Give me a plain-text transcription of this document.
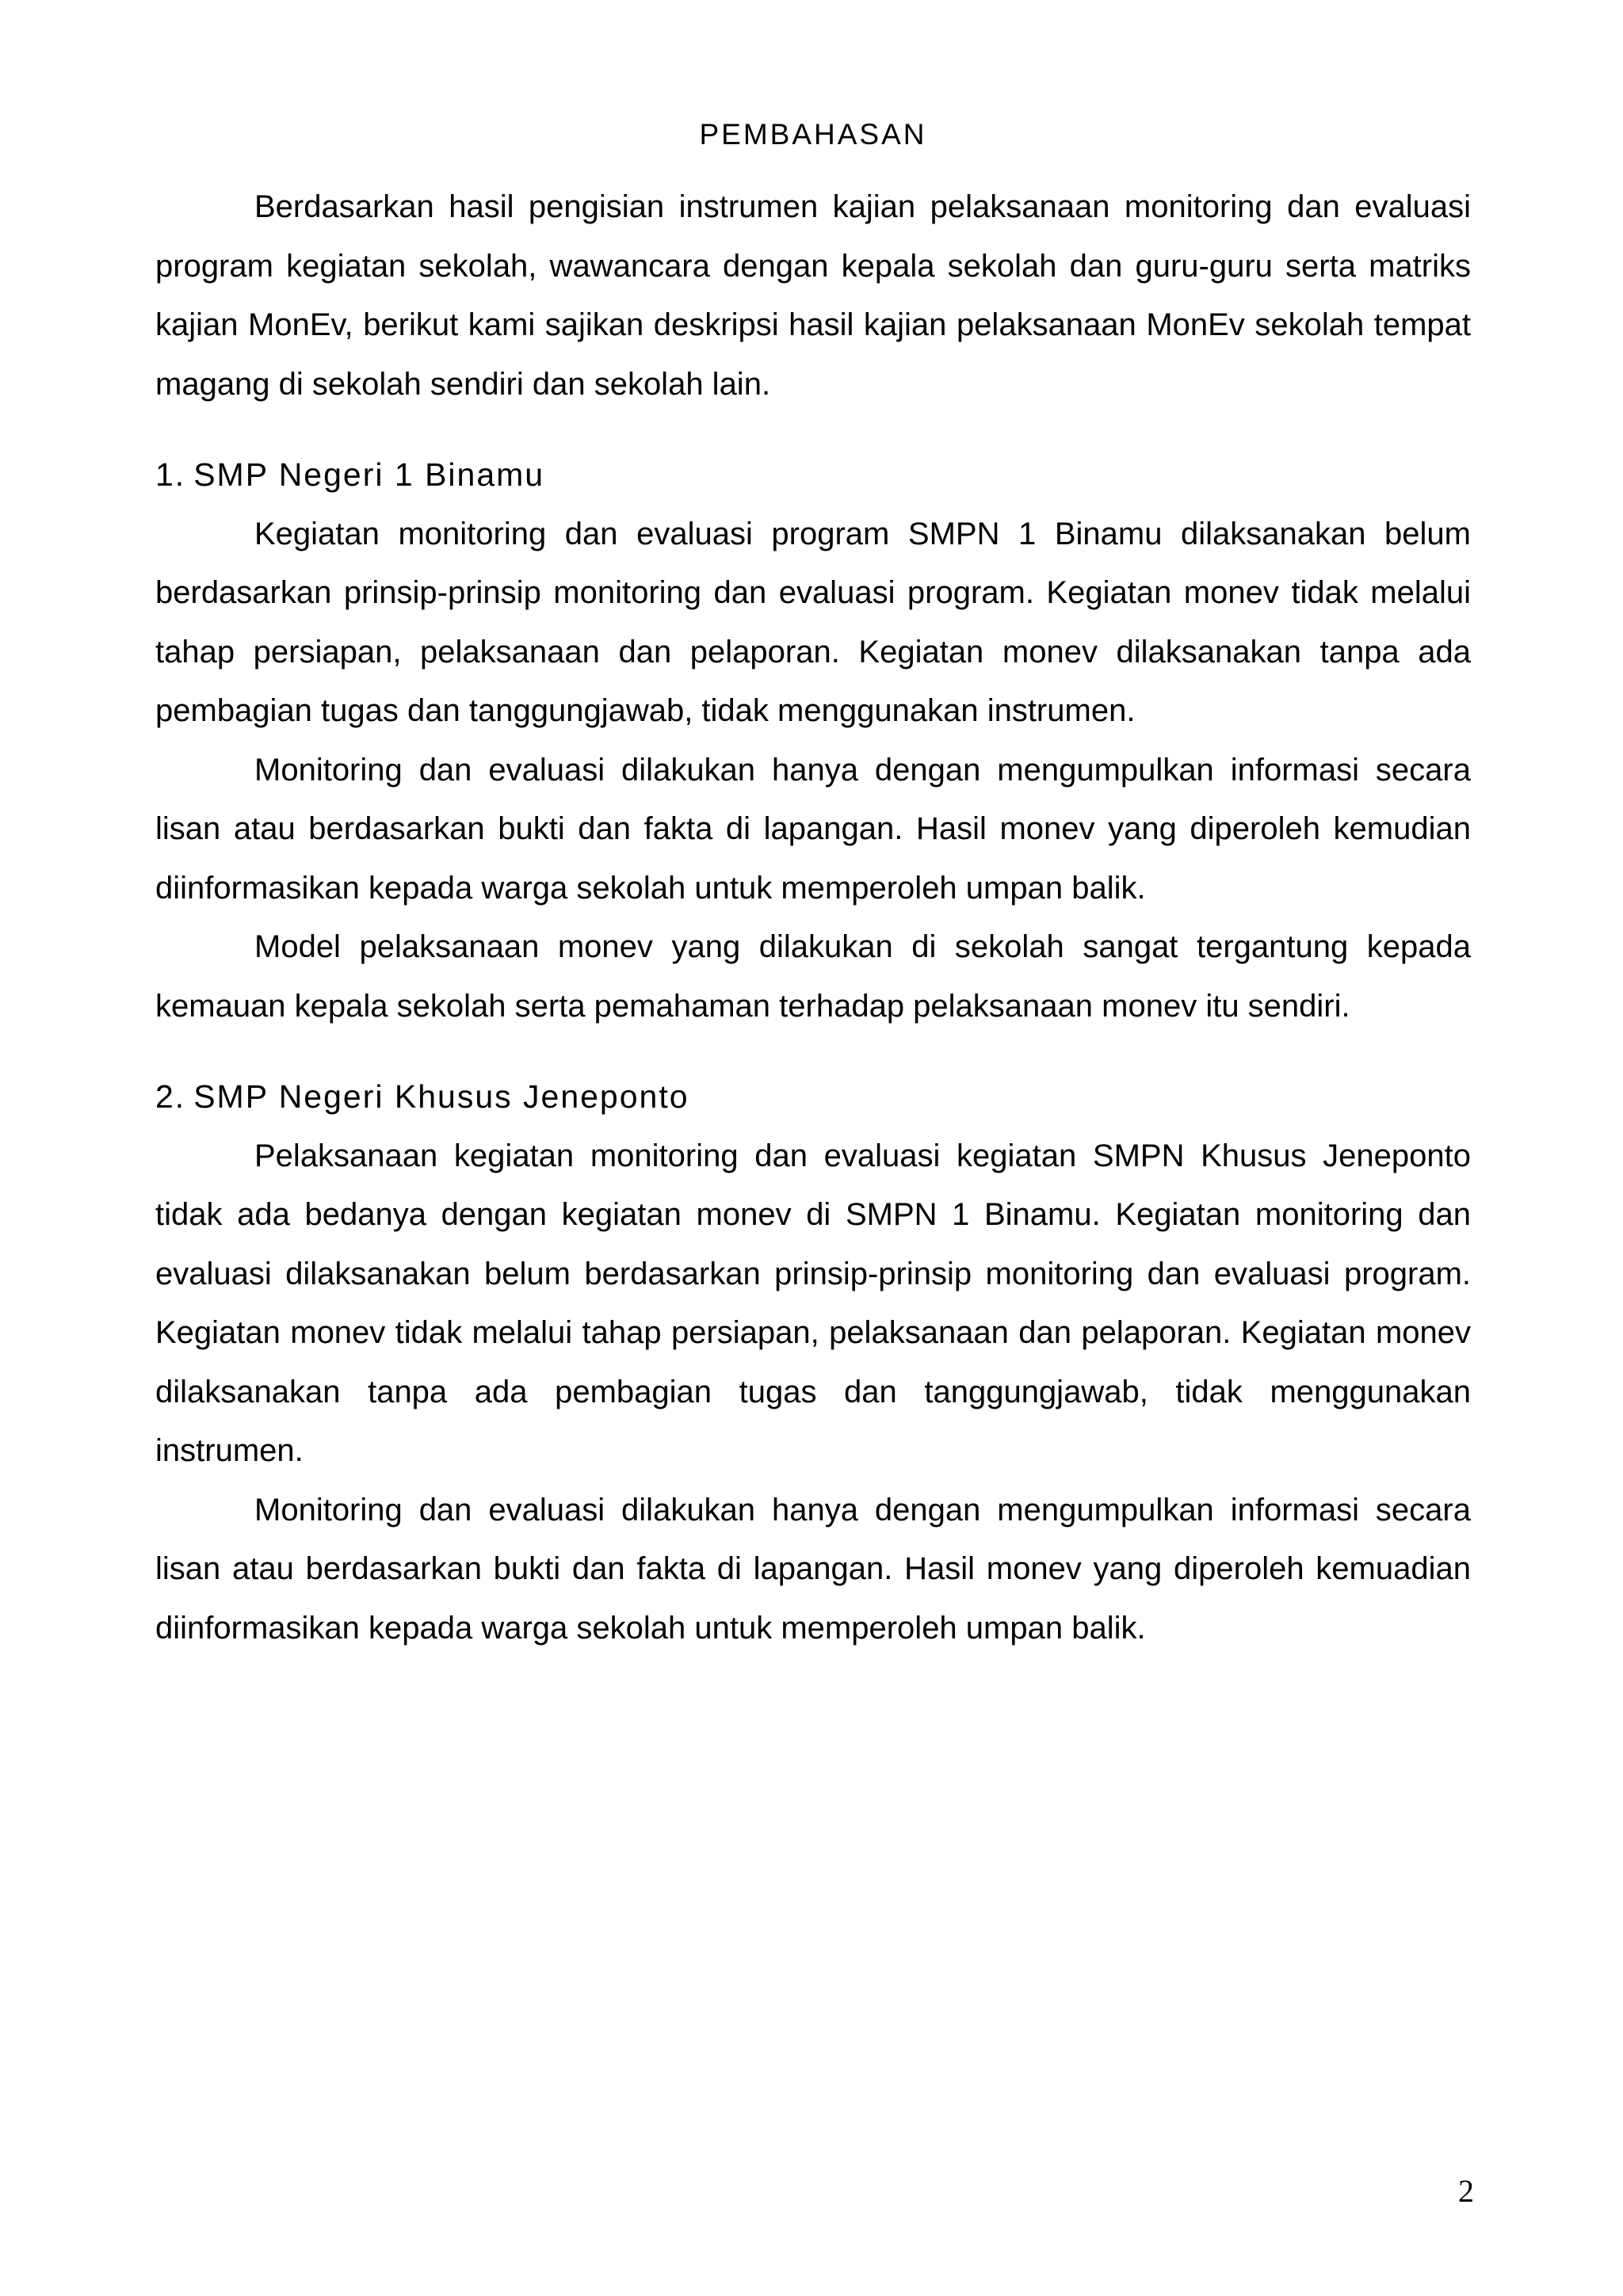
PEMBAHASAN

Berdasarkan hasil pengisian instrumen kajian pelaksanaan monitoring dan evaluasi program kegiatan sekolah, wawancara dengan kepala sekolah dan guru-guru serta matriks kajian MonEv, berikut kami sajikan deskripsi hasil kajian pelaksanaan MonEv sekolah tempat magang di sekolah sendiri dan sekolah lain.

1. SMP Negeri 1 Binamu

Kegiatan monitoring dan evaluasi program SMPN 1 Binamu dilaksanakan belum berdasarkan prinsip-prinsip monitoring dan evaluasi program. Kegiatan monev tidak melalui tahap persiapan, pelaksanaan dan pelaporan. Kegiatan monev dilaksanakan tanpa ada pembagian tugas dan tanggungjawab, tidak menggunakan instrumen.

Monitoring dan evaluasi dilakukan hanya dengan mengumpulkan informasi secara lisan atau berdasarkan bukti dan fakta di lapangan. Hasil monev yang diperoleh kemudian diinformasikan kepada warga sekolah untuk memperoleh umpan balik.

Model pelaksanaan monev yang dilakukan di sekolah sangat tergantung kepada kemauan kepala sekolah serta pemahaman terhadap pelaksanaan monev itu sendiri.

2. SMP Negeri Khusus Jeneponto

Pelaksanaan kegiatan monitoring dan evaluasi kegiatan SMPN Khusus Jeneponto tidak ada bedanya dengan kegiatan monev di SMPN 1 Binamu. Kegiatan monitoring dan evaluasi dilaksanakan belum berdasarkan prinsip-prinsip monitoring dan evaluasi program. Kegiatan monev tidak melalui tahap persiapan, pelaksanaan dan pelaporan. Kegiatan monev dilaksanakan tanpa ada pembagian tugas dan tanggungjawab, tidak menggunakan instrumen.

Monitoring dan evaluasi dilakukan hanya dengan mengumpulkan informasi secara lisan atau berdasarkan bukti dan fakta di lapangan. Hasil monev yang diperoleh kemuadian diinformasikan kepada warga sekolah untuk memperoleh umpan balik.

2
